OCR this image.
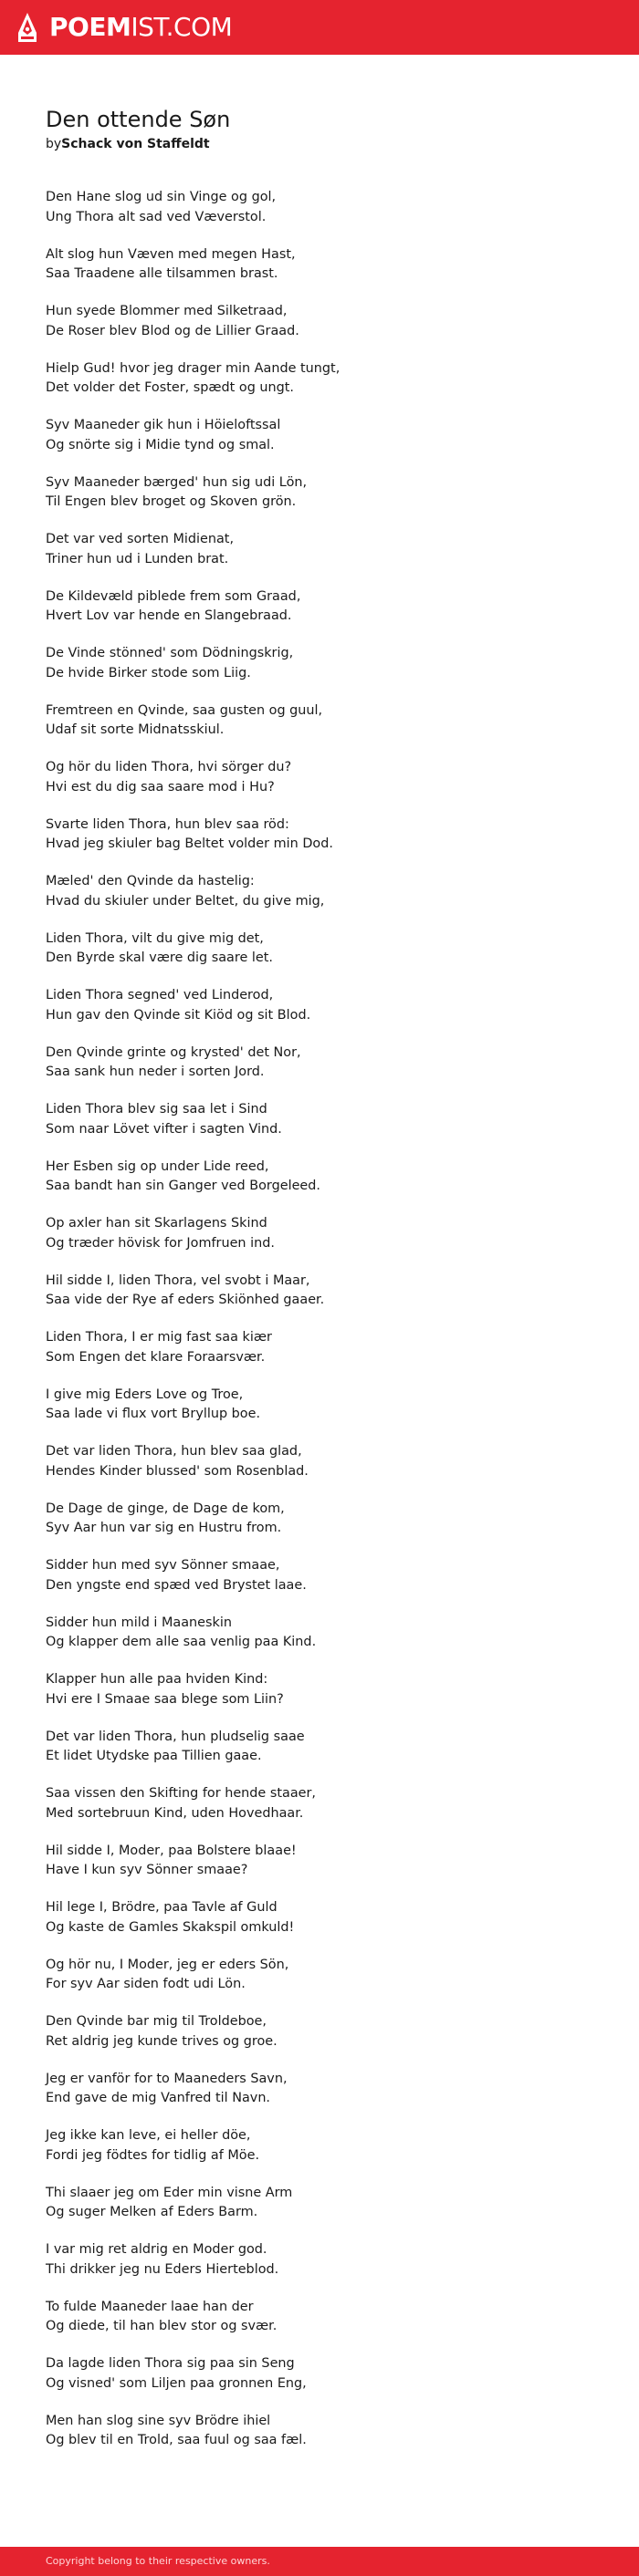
POEMIST.COM
Den ottende Søn
bySchack von Staffeldt

Den Hane slog ud sin Vinge og gol,
Ung Thora alt sad ved Væverstol.

Alt slog hun Væven med megen Hast,
Saa Traadene alle tilsammen brast.

Hun syede Blommer med Silketraad,
De Roser blev Blod og de Lillier Graad.

Hielp Gud! hvor jeg drager min Aande tungt,
Det volder det Foster, spædt og ungt.

Syv Maaneder gik hun i Höieloftssal
Og snörte sig i Midie tynd og smal.

Syv Maaneder bærged' hun sig udi Lön,
Til Engen blev broget og Skoven grön.

Det var ved sorten Midienat,
Triner hun ud i Lunden brat.

De Kildevæld piblede frem som Graad,
Hvert Lov var hende en Slangebraad.

De Vinde stönned' som Dödningskrig,
De hvide Birker stode som Liig.

Fremtreen en Qvinde, saa gusten og guul,
Udaf sit sorte Midnatsskiul.

Og hör du liden Thora, hvi sörger du?
Hvi est du dig saa saare mod i Hu?

Svarte liden Thora, hun blev saa röd:
Hvad jeg skiuler bag Beltet volder min Dod.

Mæled' den Qvinde da hastelig:
Hvad du skiuler under Beltet, du give mig,

Liden Thora, vilt du give mig det,
Den Byrde skal være dig saare let.

Liden Thora segned' ved Linderod,
Hun gav den Qvinde sit Kiöd og sit Blod.

Den Qvinde grinte og krysted' det Nor,
Saa sank hun neder i sorten Jord.

Liden Thora blev sig saa let i Sind
Som naar Lövet vifter i sagten Vind.

Her Esben sig op under Lide reed,
Saa bandt han sin Ganger ved Borgeleed.

Op axler han sit Skarlagens Skind
Og træder hövisk for Jomfruen ind.

Hil sidde I, liden Thora, vel svobt i Maar,
Saa vide der Rye af eders Skiönhed gaaer.

Liden Thora, I er mig fast saa kiær
Som Engen det klare Foraarsvær.

I give mig Eders Love og Troe,
Saa lade vi flux vort Bryllup boe.

Det var liden Thora, hun blev saa glad,
Hendes Kinder blussed' som Rosenblad.

De Dage de ginge, de Dage de kom,
Syv Aar hun var sig en Hustru from.

Sidder hun med syv Sönner smaae,
Den yngste end spæd ved Brystet laae.

Sidder hun mild i Maaneskin
Og klapper dem alle saa venlig paa Kind.

Klapper hun alle paa hviden Kind:
Hvi ere I Smaae saa blege som Liin?

Det var liden Thora, hun pludselig saae
Et lidet Utydske paa Tillien gaae.

Saa vissen den Skifting for hende staaer,
Med sortebruun Kind, uden Hovedhaar.

Hil sidde I, Moder, paa Bolstere blaae!
Have I kun syv Sönner smaae?

Hil lege I, Brödre, paa Tavle af Guld
Og kaste de Gamles Skakspil omkuld!

Og hör nu, I Moder, jeg er eders Sön,
For syv Aar siden fodt udi Lön.

Den Qvinde bar mig til Troldeboe,
Ret aldrig jeg kunde trives og groe.

Jeg er vanför for to Maaneders Savn,
End gave de mig Vanfred til Navn.

Jeg ikke kan leve, ei heller döe,
Fordi jeg födtes for tidlig af Möe.

Thi slaaer jeg om Eder min visne Arm
Og suger Melken af Eders Barm.

I var mig ret aldrig en Moder god.
Thi drikker jeg nu Eders Hierteblod.

To fulde Maaneder laae han der
Og diede, til han blev stor og svær.

Da lagde liden Thora sig paa sin Seng
Og visned' som Liljen paa gronnen Eng,

Men han slog sine syv Brödre ihiel
Og blev til en Trold, saa fuul og saa fæl.

Copyright belong to their respective owners.
